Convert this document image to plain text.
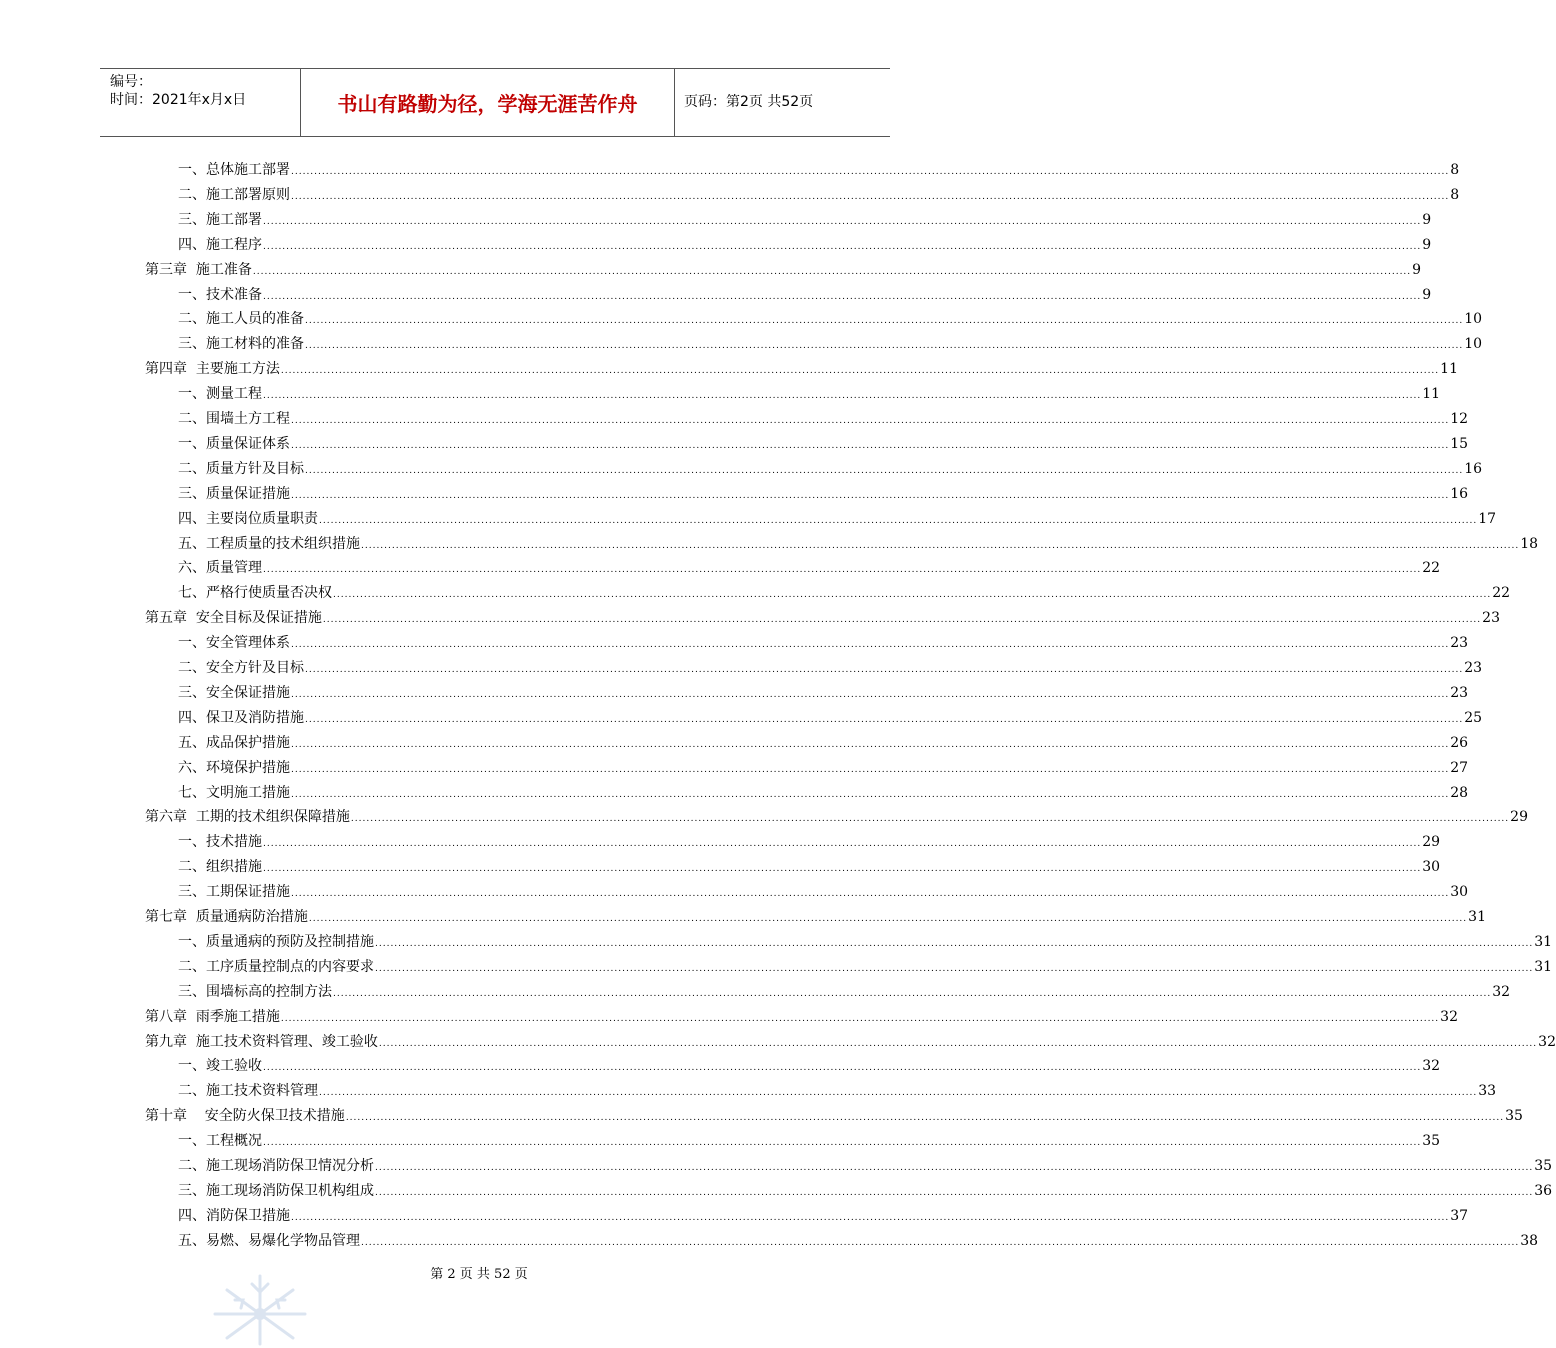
编号：
时间：2021年x月x日	书山有路勤为径，学海无涯苦作舟	页码：第2页 共52页
一、总体施工部署 ............................................................................................................................................................................................................................................................................................................ 8
二、施工部署原则 ............................................................................................................................................................................................................................................................................................................ 8
三、施工部署 ............................................................................................................................................................................................................................................................................................................ 9
四、施工程序 ............................................................................................................................................................................................................................................................................................................ 9
第三章  施工准备 ............................................................................................................................................................................................................................................................................................................ 9
一、技术准备 ............................................................................................................................................................................................................................................................................................................ 9
二、施工人员的准备 ............................................................................................................................................................................................................................................................................................................ 10
三、施工材料的准备 ............................................................................................................................................................................................................................................................................................................ 10
第四章  主要施工方法 ............................................................................................................................................................................................................................................................................................................ 11
一、测量工程 ............................................................................................................................................................................................................................................................................................................ 11
二、围墙土方工程 ............................................................................................................................................................................................................................................................................................................ 12
一、质量保证体系 ............................................................................................................................................................................................................................................................................................................ 15
二、质量方针及目标 ............................................................................................................................................................................................................................................................................................................ 16
三、质量保证措施 ............................................................................................................................................................................................................................................................................................................ 16
四、主要岗位质量职责 ............................................................................................................................................................................................................................................................................................................ 17
五、工程质量的技术组织措施 ............................................................................................................................................................................................................................................................................................................ 18
六、质量管理 ............................................................................................................................................................................................................................................................................................................ 22
七、严格行使质量否决权 ............................................................................................................................................................................................................................................................................................................ 22
第五章  安全目标及保证措施 ............................................................................................................................................................................................................................................................................................................ 23
一、安全管理体系 ............................................................................................................................................................................................................................................................................................................ 23
二、安全方针及目标 ............................................................................................................................................................................................................................................................................................................ 23
三、安全保证措施 ............................................................................................................................................................................................................................................................................................................ 23
四、保卫及消防措施 ............................................................................................................................................................................................................................................................................................................ 25
五、成品保护措施 ............................................................................................................................................................................................................................................................................................................ 26
六、环境保护措施 ............................................................................................................................................................................................................................................................................................................ 27
七、文明施工措施 ............................................................................................................................................................................................................................................................................................................ 28
第六章  工期的技术组织保障措施 ............................................................................................................................................................................................................................................................................................................ 29
一、技术措施 ............................................................................................................................................................................................................................................................................................................ 29
二、组织措施 ............................................................................................................................................................................................................................................................................................................ 30
三、工期保证措施 ............................................................................................................................................................................................................................................................................................................ 30
第七章  质量通病防治措施 ............................................................................................................................................................................................................................................................................................................ 31
一、质量通病的预防及控制措施 ............................................................................................................................................................................................................................................................................................................ 31
二、工序质量控制点的内容要求 ............................................................................................................................................................................................................................................................................................................ 31
三、围墙标高的控制方法 ............................................................................................................................................................................................................................................................................................................ 32
第八章  雨季施工措施 ............................................................................................................................................................................................................................................................................................................ 32
第九章  施工技术资料管理、竣工验收 ............................................................................................................................................................................................................................................................................................................ 32
一、竣工验收 ............................................................................................................................................................................................................................................................................................................ 32
二、施工技术资料管理 ............................................................................................................................................................................................................................................................................................................ 33
第十章    安全防火保卫技术措施 ............................................................................................................................................................................................................................................................................................................ 35
一、工程概况 ............................................................................................................................................................................................................................................................................................................ 35
二、施工现场消防保卫情况分析 ............................................................................................................................................................................................................................................................................................................ 35
三、施工现场消防保卫机构组成 ............................................................................................................................................................................................................................................................................................................ 36
四、消防保卫措施 ............................................................................................................................................................................................................................................................................................................ 37
五、易燃、易爆化学物品管理 ............................................................................................................................................................................................................................................................................................................ 38
第 2 页 共 52 页
